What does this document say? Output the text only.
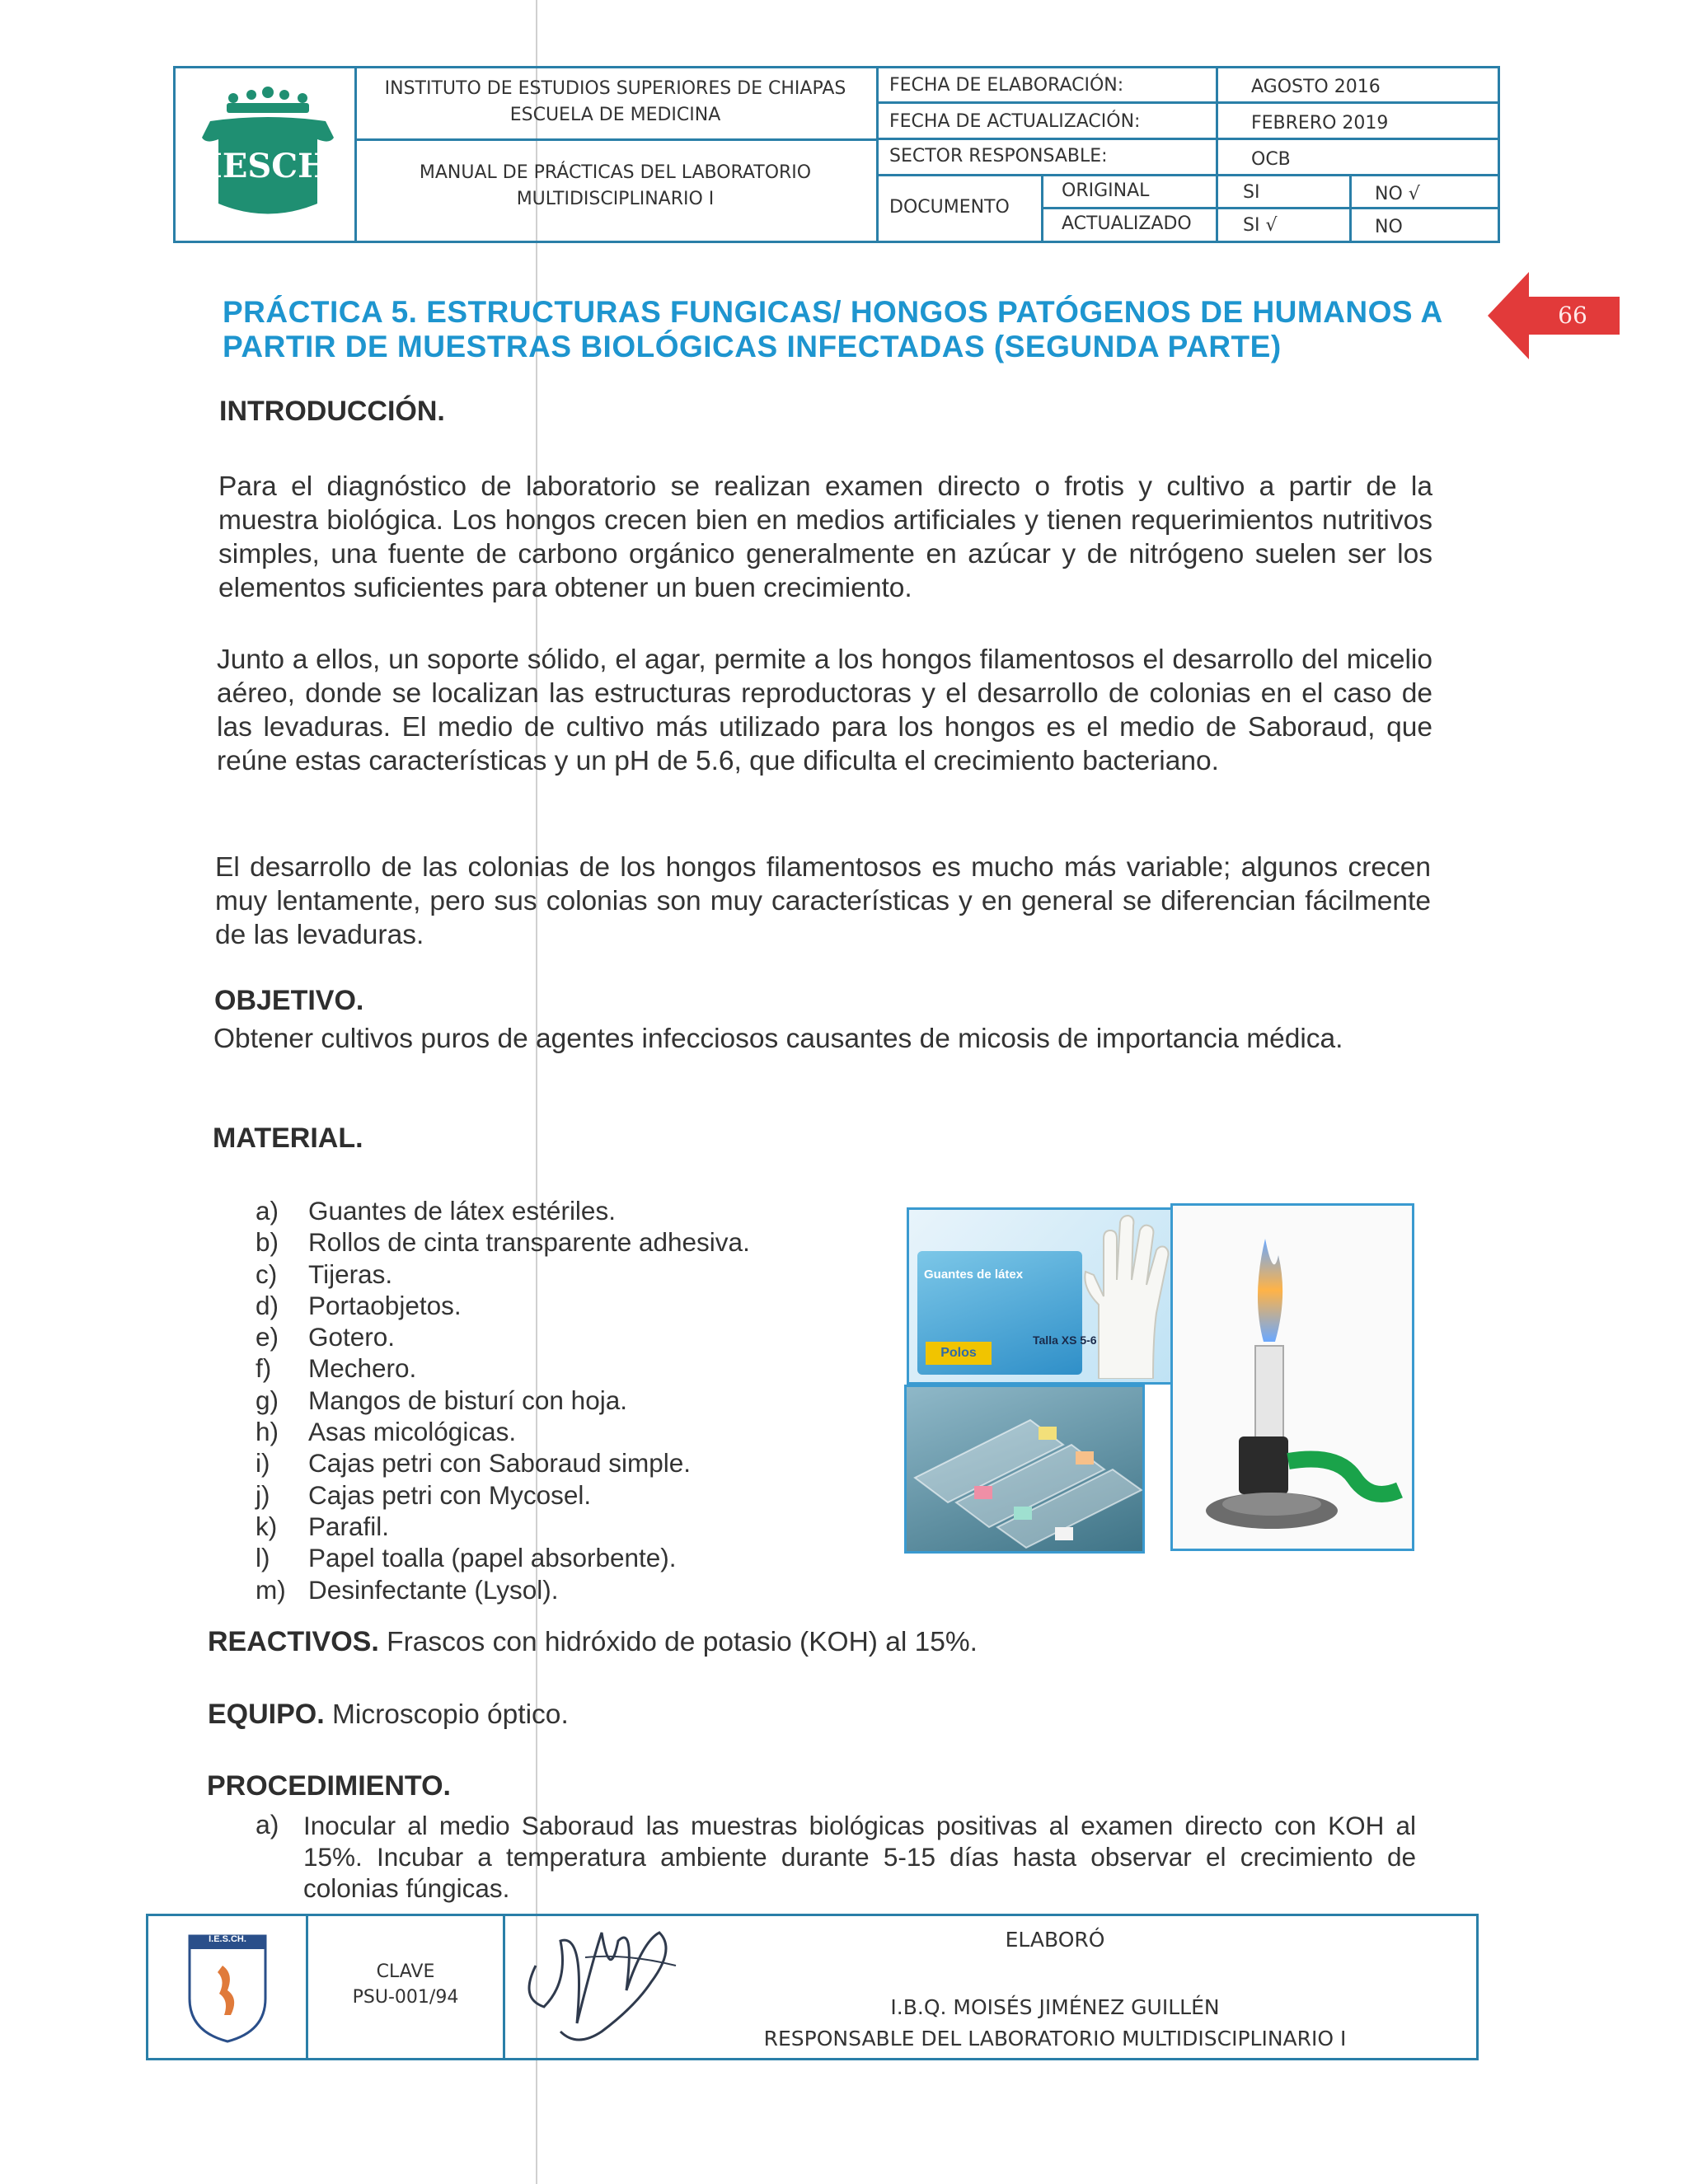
IESCH
INSTITUTO DE ESTUDIOS SUPERIORES DE CHIAPAS
ESCUELA DE MEDICINA
MANUAL DE PRÁCTICAS DEL LABORATORIO
MULTIDISCIPLINARIO I
FECHA DE ELABORACIÓN:	AGOSTO 2016
FECHA DE ACTUALIZACIÓN:	FEBRERO 2019
SECTOR RESPONSABLE:	OCB
DOCUMENTO
ORIGINAL	SI	NO √
ACTUALIZADO	SI √	NO
66
PRÁCTICA 5. ESTRUCTURAS FUNGICAS/ HONGOS PATÓGENOS DE HUMANOS A
PARTIR DE MUESTRAS BIOLÓGICAS INFECTADAS (SEGUNDA PARTE)
INTRODUCCIÓN.

Para el diagnóstico de laboratorio se realizan examen directo o frotis y cultivo a partir de la muestra biológica. Los hongos crecen bien en medios artificiales y tienen requerimientos nutritivos simples, una fuente de carbono orgánico generalmente en azúcar y de nitrógeno suelen ser los elementos suficientes para obtener un buen crecimiento.

Junto a ellos, un soporte sólido, el agar, permite a los hongos filamentosos el desarrollo del micelio aéreo, donde se localizan las estructuras reproductoras y el desarrollo de colonias en el caso de las levaduras. El medio de cultivo más utilizado para los hongos es el medio de Saboraud, que reúne estas características y un pH de 5.6, que dificulta el crecimiento bacteriano.

El desarrollo de las colonias de los hongos filamentosos es mucho más variable; algunos crecen muy lentamente, pero sus colonias son muy características y en general se diferencian fácilmente de las levaduras.

OBJETIVO.

Obtener cultivos puros de agentes infecciosos causantes de micosis de importancia médica.

MATERIAL.
a)	Guantes de látex estériles.
b)	Rollos de cinta transparente adhesiva.
c)	Tijeras.
d)	Portaobjetos.
e)	Gotero.
f)	Mechero.
g)	Mangos de bisturí con hoja.
h)	Asas micológicas.
i)	Cajas petri con Saboraud simple.
j)	Cajas petri con Mycosel.
k)	Parafil.
l)	Papel toalla (papel absorbente).
m) Desinfectante (Lysol).
Guantes de látex
Polos
Talla XS 5-6
REACTIVOS. Frascos con hidróxido de potasio (KOH) al 15%.
EQUIPO. Microscopio óptico.
PROCEDIMIENTO.
a) Inocular al medio Saboraud las muestras biológicas positivas al examen directo con KOH al 15%. Incubar a temperatura ambiente durante 5-15 días hasta observar el crecimiento de colonias fúngicas.

I.E.S.CH.
CLAVE
PSU-001/94
ELABORÓ
I.B.Q. MOISÉS JIMÉNEZ GUILLÉN
RESPONSABLE DEL LABORATORIO MULTIDISCIPLINARIO I
